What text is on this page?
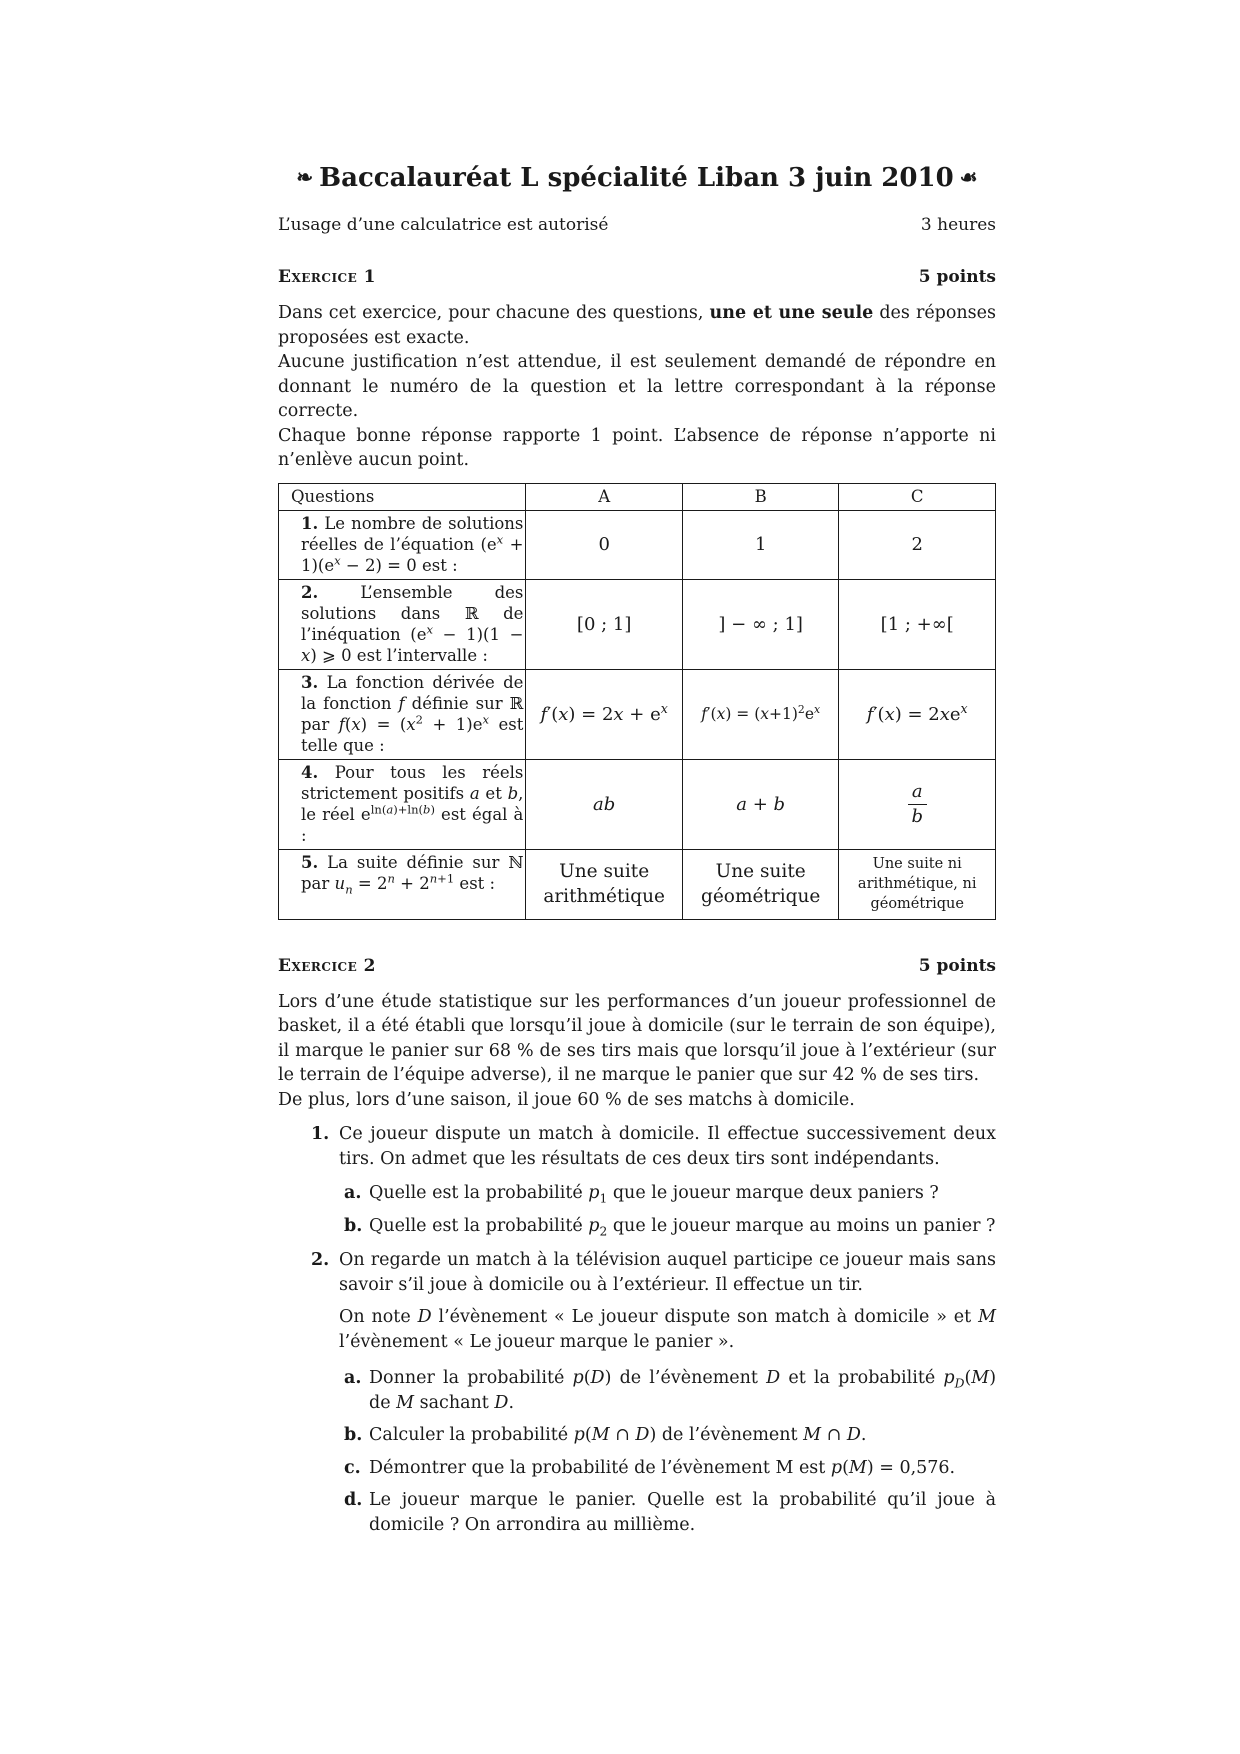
❧ Baccalauréat L spécialité Liban 3 juin 2010 ☙
L’usage d’une calculatrice est autorisé	3 heures
Exercice 1	5 points

Dans cet exercice, pour chacune des questions, une et une seule des réponses proposées est exacte.

Aucune justification n’est attendue, il est seulement demandé de répondre en donnant le numéro de la question et la lettre correspondant à la réponse correcte.

Chaque bonne réponse rapporte 1 point. L’absence de réponse n’apporte ni n’enlève aucun point.

Questions	A	B	C
1. Le nombre de solutions réelles de l’équation $(e^x + 1)(e^x - 2) = 0$ est :	0	1	2
2. L’ensemble des solutions dans ℝ de l’inéquation $(e^x - 1)(1 - x)$ ⩾ 0 est l’intervalle :	[0 ; 1]	] − ∞ ; 1]	[1 ; +∞[
3. La fonction dérivée de la fonction f définie sur ℝ par $f(x) = (x^2 + 1)e^x$ est telle que :	$f'(x) = 2x + e^x$	$f'(x) = (x+1)^2e^x$	$f'(x) = 2xe^x$
4. Pour tous les réels strictement positifs a et b, le réel $e^{ln(a)+ln(b)}$ est égal à :	ab	a + b	$\frac{a}{b}$

5. La suite définie sur ℕ par $u_n = 2^n + 2^{n+1}$ est :	Une suite arithmétique	Une suite géométrique	Une suite ni arithmétique, ni géométrique
Exercice 2	5 points

Lors d’une étude statistique sur les performances d’un joueur professionnel de basket, il a été établi que lorsqu’il joue à domicile (sur le terrain de son équipe), il marque le panier sur 68 % de ses tirs mais que lorsqu’il joue à l’extérieur (sur le terrain de l’équipe adverse), il ne marque le panier que sur 42 % de ses tirs.

De plus, lors d’une saison, il joue 60 % de ses matchs à domicile.

1. Ce joueur dispute un match à domicile. Il effectue successivement deux tirs. On admet que les résultats de ces deux tirs sont indépendants.
a. Quelle est la probabilité $p_1$ que le joueur marque deux paniers ?
b. Quelle est la probabilité $p_2$ que le joueur marque au moins un panier ?
2. On regarde un match à la télévision auquel participe ce joueur mais sans savoir s’il joue à domicile ou à l’extérieur. Il effectue un tir.
On note D l’évènement « Le joueur dispute son match à domicile » et M l’évènement « Le joueur marque le panier ».
a. Donner la probabilité p(D) de l’évènement D et la probabilité $p_D(M)$ de M sachant D.
b. Calculer la probabilité p(M ∩ D) de l’évènement M ∩ D.
c. Démontrer que la probabilité de l’évènement M est p(M) = 0,576.
d. Le joueur marque le panier. Quelle est la probabilité qu’il joue à domicile ? On arrondira au millième.
